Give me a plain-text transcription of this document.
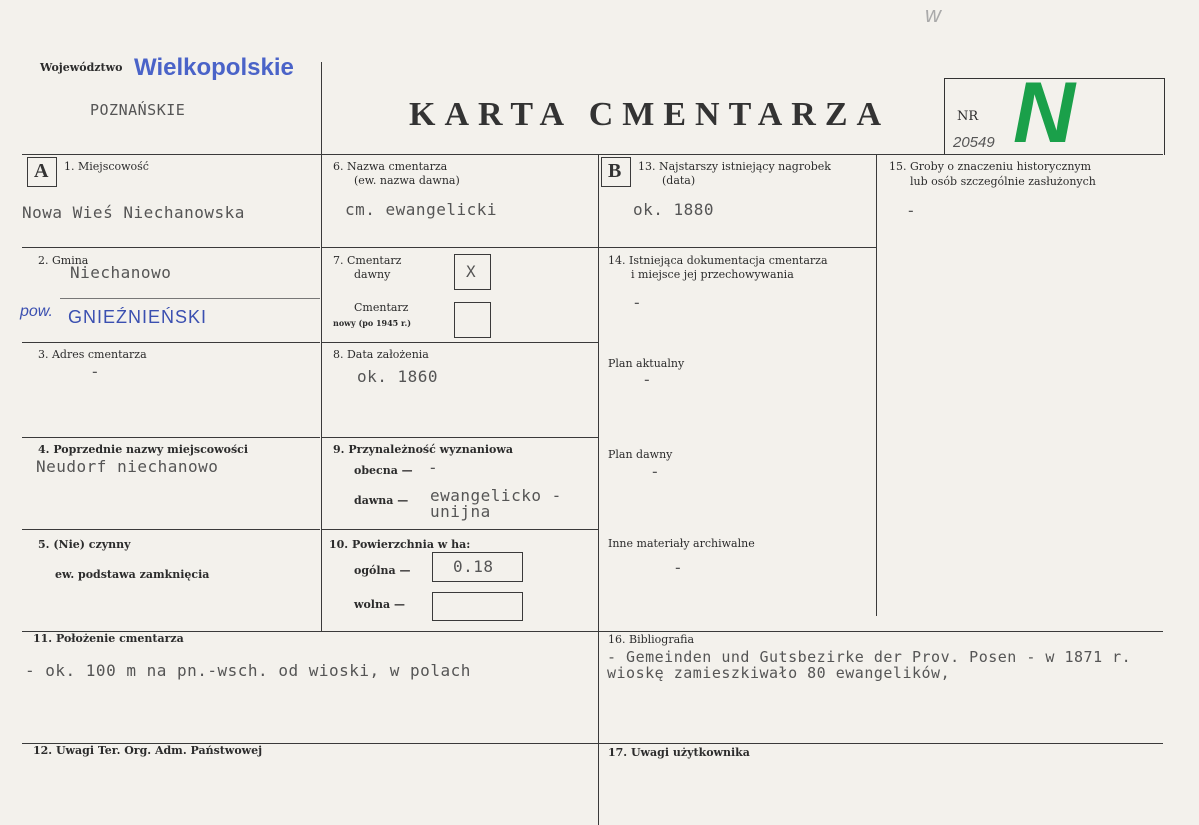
Województwo Wielkopolskie
POZNAŃSKIE
w
KARTA CMENTARZA	NR
20549 N
A 1. Miejscowość
Nowa Wieś Niechanowska
2. Gmina
Niechanowo
pow. GNIEŹNIEŃSKI
3. Adres cmentarza
-
4. Poprzednie nazwy miejscowości
Neudorf niechanowo
5. (Nie) czynny
ew. podstawa zamknięcia
6. Nazwa cmentarza
(ew. nazwa dawna)
cm. ewangelicki
7. Cmentarz
dawny	X
Cmentarz
nowy (po 1945 r.)
8. Data założenia
ok. 1860
9. Przynależność wyznaniowa
obecna — -
dawna — ewangelicko -
unijna
10. Powierzchnia w ha:
ogólna —	0.18
wolna —
B 13. Najstarszy istniejący nagrobek
(data)
ok. 1880
14. Istniejąca dokumentacja cmentarza
i miejsce jej przechowywania
-
Plan aktualny
-
Plan dawny
-
Inne materiały archiwalne
-
15. Groby o znaczeniu historycznym
lub osób szczególnie zasłużonych
-
11. Położenie cmentarza
- ok. 100 m na pn.-wsch. od wioski, w polach
16. Bibliografia
- Gemeinden und Gutsbezirke der Prov. Posen - w 1871 r.
wioskę zamieszkiwało 80 ewangelików,
12. Uwagi Ter. Org. Adm. Państwowej	17. Uwagi użytkownika
